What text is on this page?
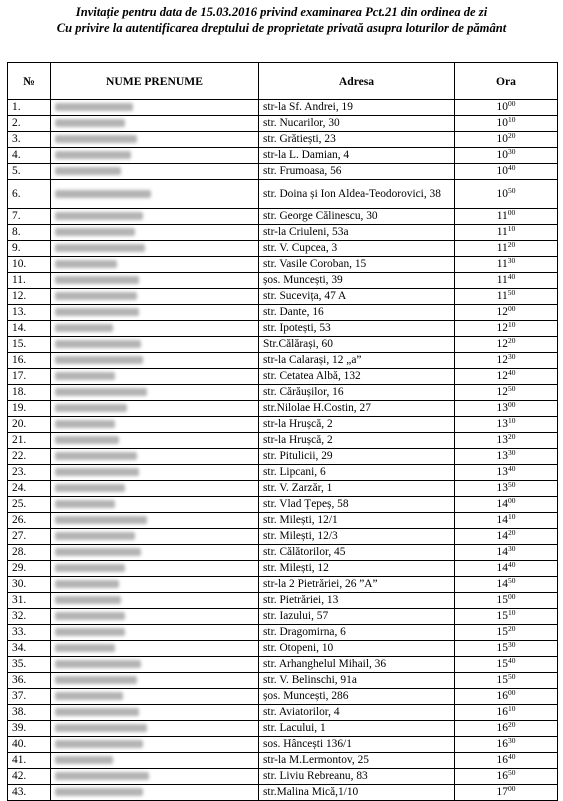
Invitație pentru data de 15.03.2016 privind examinarea Pct.21 din ordinea de zi
Cu privire la autentificarea dreptului de proprietate privată asupra loturilor de pământ
№	NUME PRENUME	Adresa	Ora
1.		str-la Sf. Andrei, 19	$10^{00}$
2.		str. Nucarilor, 30	$10^{10}$
3.		str. Grătiești, 23	$10^{20}$
4.		str-la L. Damian, 4	$10^{30}$
5.		str. Frumoasa, 56	$10^{40}$
6.		str. Doina și Ion Aldea-Teodorovici, 38	$10^{50}$
7.		str. George Călinescu, 30	$11^{00}$
8.		str-la Criuleni, 53a	$11^{10}$
9.		str. V. Cupcea, 3	$11^{20}$
10.		str. Vasile Coroban, 15	$11^{30}$
11.		șos. Muncești, 39	$11^{40}$
12.		str. Sucevița, 47 A	$11^{50}$
13.		str. Dante, 16	$12^{00}$
14.		str. Ipotești, 53	$12^{10}$
15.		Str.Călărași, 60	$12^{20}$
16.		str-la Calarași, 12 „a”	$12^{30}$
17.		str. Cetatea Albă, 132	$12^{40}$
18.		str. Cărăușilor, 16	$12^{50}$
19.		str.Nilolae H.Costin, 27	$13^{00}$
20.		str-la Hrușcă, 2	$13^{10}$
21.		str-la Hrușcă, 2	$13^{20}$
22.		str. Pitulicii, 29	$13^{30}$
23.		str. Lipcani, 6	$13^{40}$
24.		str. V. Zarzăr, 1	$13^{50}$
25.		str. Vlad Țepeș, 58	$14^{00}$
26.		str. Milești, 12/1	$14^{10}$
27.		str. Milești, 12/3	$14^{20}$
28.		str. Călătorilor, 45	$14^{30}$
29.		str. Milești, 12	$14^{40}$
30.		str-la 2 Pietrăriei, 26 ”A”	$14^{50}$
31.		str. Pietrăriei, 13	$15^{00}$
32.		str. Iazului, 57	$15^{10}$
33.		str. Dragomirna, 6	$15^{20}$
34.		str. Otopeni, 10	$15^{30}$
35.		str. Arhanghelul Mihail, 36	$15^{40}$
36.		str. V. Belinschi, 91a	$15^{50}$
37.		șos. Muncești, 286	$16^{00}$
38.		str. Aviatorilor, 4	$16^{10}$
39.		str. Lacului, 1	$16^{20}$
40.		sos. Hâncești 136/1	$16^{30}$
41.		str-la M.Lermontov, 25	$16^{40}$
42.		str. Liviu Rebreanu, 83	$16^{50}$
43.		str.Malina Mică,1/10	$17^{00}$
